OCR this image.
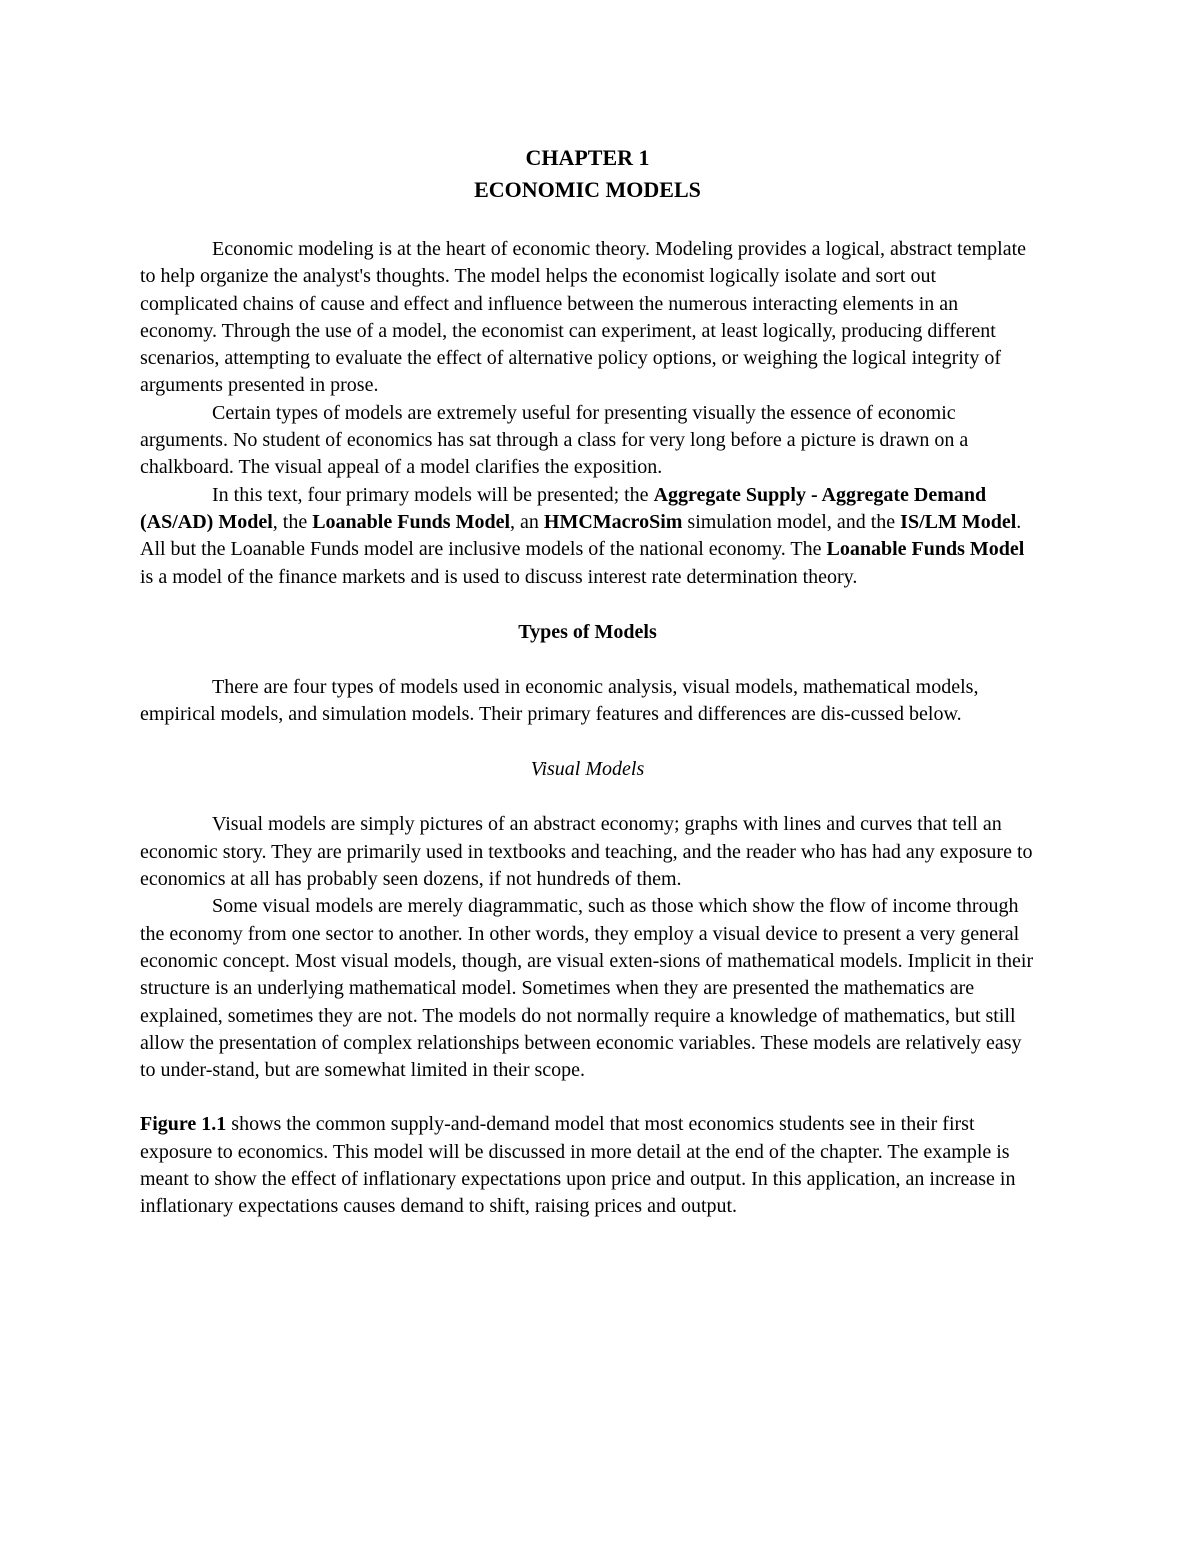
CHAPTER 1
ECONOMIC MODELS

Economic modeling is at the heart of economic theory. Modeling provides a logical, abstract template to help organize the analyst's thoughts. The model helps the economist logically isolate and sort out complicated chains of cause and effect and influence between the numerous interacting elements in an economy. Through the use of a model, the economist can experiment, at least logically, producing different scenarios, attempting to evaluate the effect of alternative policy options, or weighing the logical integrity of arguments presented in prose.

Certain types of models are extremely useful for presenting visually the essence of economic arguments. No student of economics has sat through a class for very long before a picture is drawn on a chalkboard. The visual appeal of a model clarifies the exposition.

In this text, four primary models will be presented; the Aggregate Supply - Aggregate Demand (AS/AD) Model, the Loanable Funds Model, an HMCMacroSim simulation model, and the IS/LM Model. All but the Loanable Funds model are inclusive models of the national economy. The Loanable Funds Model is a model of the finance markets and is used to discuss interest rate determination theory.

Types of Models

There are four types of models used in economic analysis, visual models, mathematical models, empirical models, and simulation models. Their primary features and differences are dis-cussed below.

Visual Models

Visual models are simply pictures of an abstract economy; graphs with lines and curves that tell an economic story. They are primarily used in textbooks and teaching, and the reader who has had any exposure to economics at all has probably seen dozens, if not hundreds of them.

Some visual models are merely diagrammatic, such as those which show the flow of income through the economy from one sector to another. In other words, they employ a visual device to present a very general economic concept. Most visual models, though, are visual exten-sions of mathematical models. Implicit in their structure is an underlying mathematical model. Sometimes when they are presented the mathematics are explained, sometimes they are not. The models do not normally require a knowledge of mathematics, but still allow the presentation of complex relationships between economic variables. These models are relatively easy to under-stand, but are somewhat limited in their scope.

Figure 1.1 shows the common supply-and-demand model that most economics students see in their first exposure to economics. This model will be discussed in more detail at the end of the chapter. The example is meant to show the effect of inflationary expectations upon price and output. In this application, an increase in inflationary expectations causes demand to shift, raising prices and output.
